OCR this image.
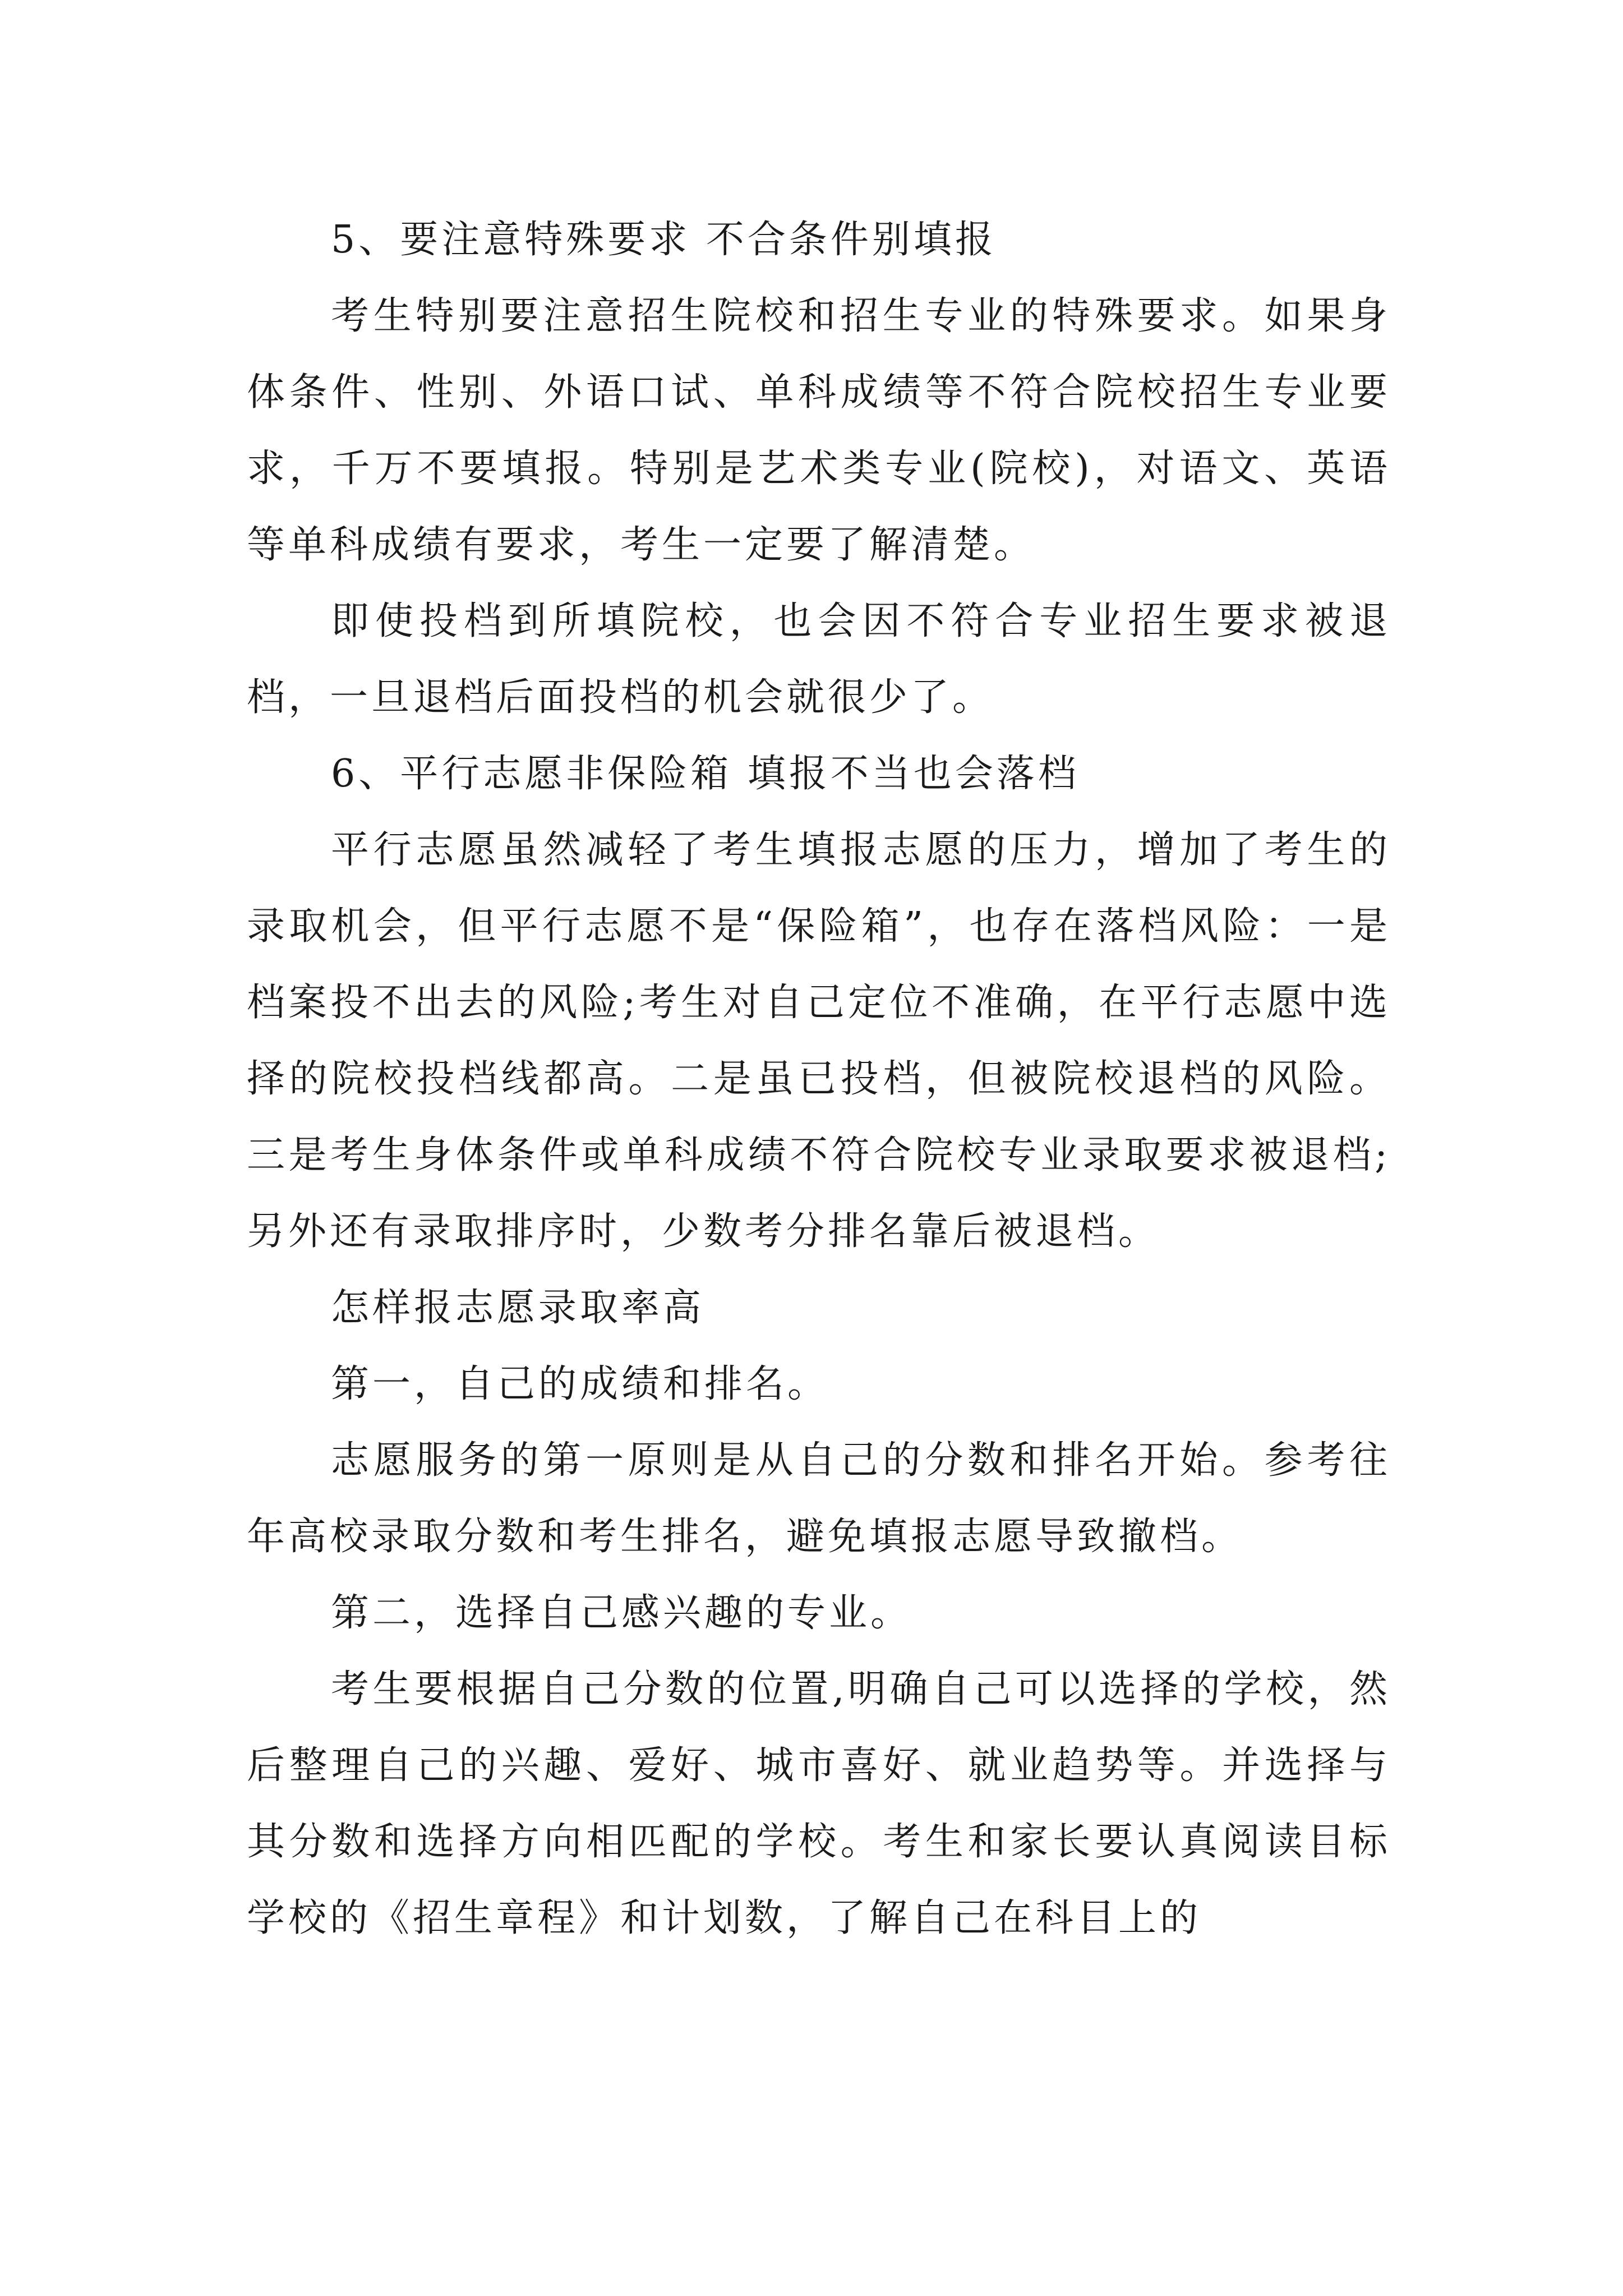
5、要注意特殊要求 不合条件别填报

考生特别要注意招生院校和招生专业的特殊要求。如果身体条件、性别、外语口试、单科成绩等不符合院校招生专业要求，千万不要填报。特别是艺术类专业(院校)，对语文、英语等单科成绩有要求，考生一定要了解清楚。

即使投档到所填院校，也会因不符合专业招生要求被退档，一旦退档后面投档的机会就很少了。

6、平行志愿非保险箱 填报不当也会落档

平行志愿虽然减轻了考生填报志愿的压力，增加了考生的录取机会，但平行志愿不是“保险箱”，也存在落档风险：一是档案投不出去的风险;考生对自己定位不准确，在平行志愿中选择的院校投档线都高。二是虽已投档，但被院校退档的风险。三是考生身体条件或单科成绩不符合院校专业录取要求被退档;另外还有录取排序时，少数考分排名靠后被退档。

怎样报志愿录取率高

第一，自己的成绩和排名。

志愿服务的第一原则是从自己的分数和排名开始。参考往年高校录取分数和考生排名，避免填报志愿导致撤档。

第二，选择自己感兴趣的专业。

考生要根据自己分数的位置,明确自己可以选择的学校，然后整理自己的兴趣、爱好、城市喜好、就业趋势等。并选择与其分数和选择方向相匹配的学校。考生和家长要认真阅读目标学校的《招生章程》和计划数，了解自己在科目上的
